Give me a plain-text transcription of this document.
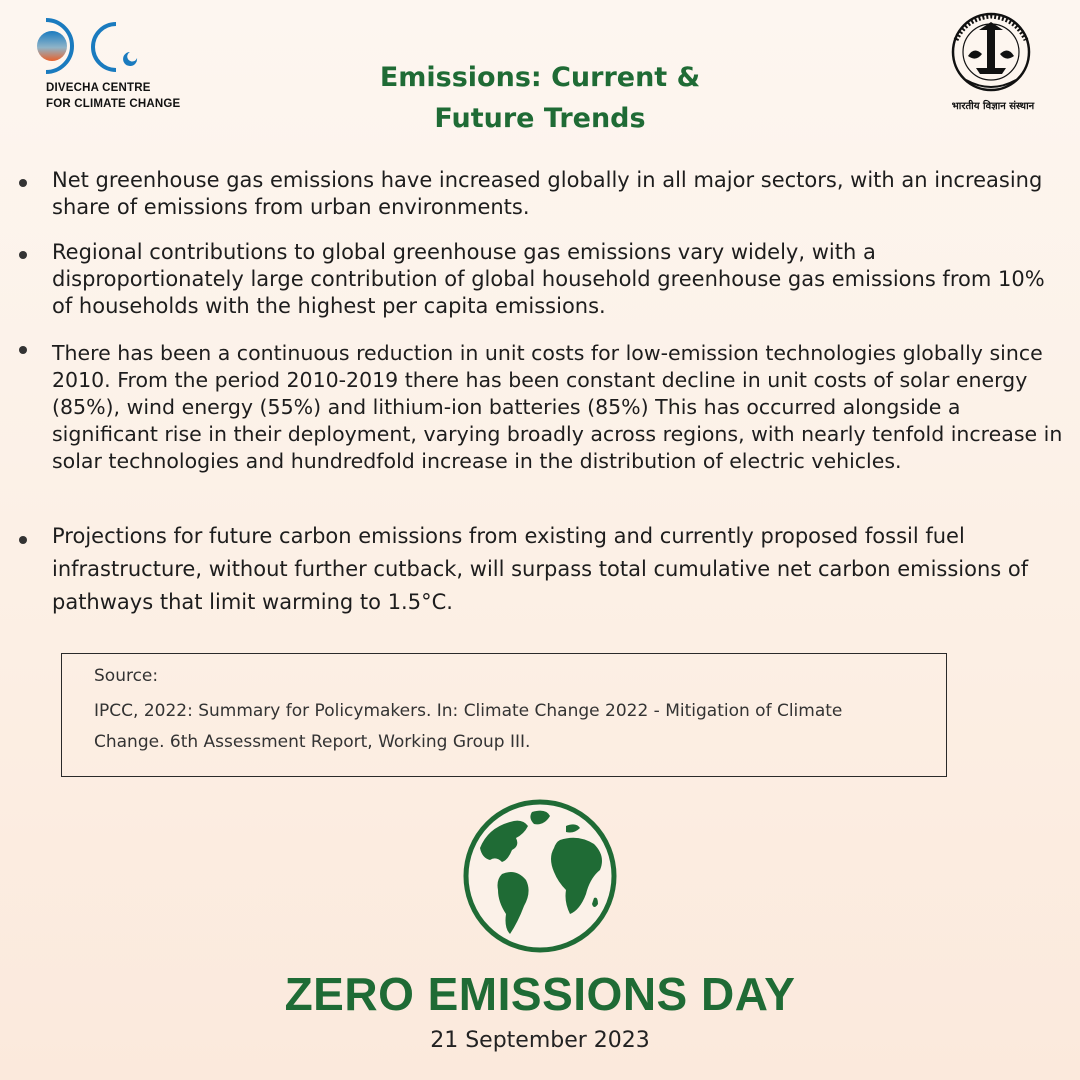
DIVECHA CENTRE
FOR CLIMATE CHANGE	भारतीय विज्ञान संस्थान
Emissions: Current &
Future Trends
Net greenhouse gas emissions have increased globally in all major sectors, with an increasing share of emissions from urban environments.
Regional contributions to global greenhouse gas emissions vary widely, with a disproportionately large contribution of global household greenhouse gas emissions from 10% of households with the highest per capita emissions.
There has been a continuous reduction in unit costs for low-emission technologies globally since 2010. From the period 2010-2019 there has been constant decline in unit costs of solar energy (85%), wind energy (55%) and lithium-ion batteries (85%) This has occurred alongside a significant rise in their deployment, varying broadly across regions, with nearly tenfold increase in solar technologies and hundredfold increase in the distribution of electric vehicles.
Projections for future carbon emissions from existing and currently proposed fossil fuel infrastructure, without further cutback, will surpass total cumulative net carbon emissions of pathways that limit warming to 1.5°C.
Source:
IPCC, 2022: Summary for Policymakers. In: Climate Change 2022 - Mitigation of Climate Change. 6th Assessment Report, Working Group III.
ZERO EMISSIONS DAY
21 September 2023
